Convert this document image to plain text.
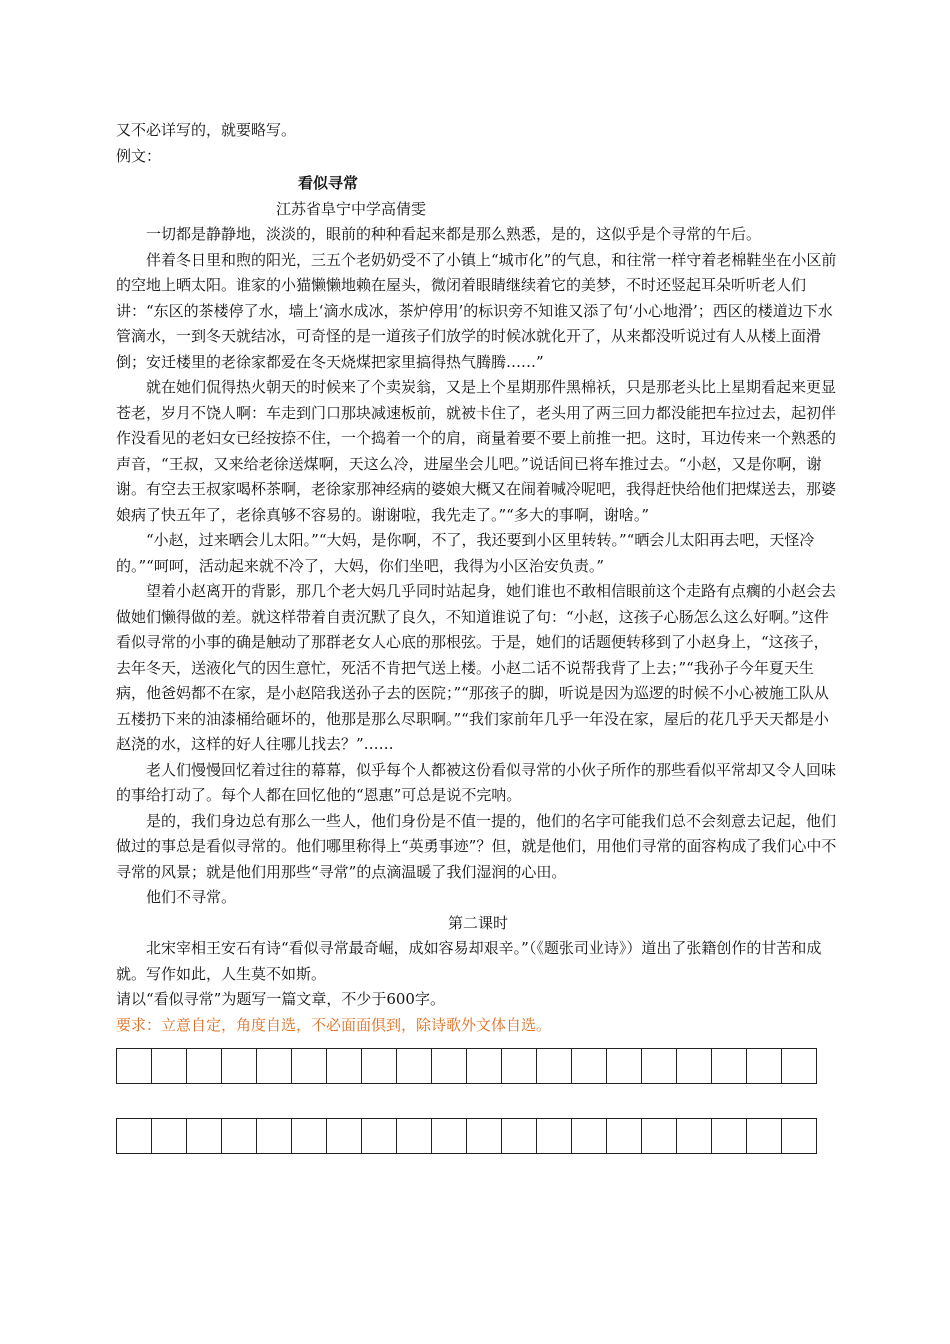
又不必详写的，就要略写。

例文：

看似寻常

江苏省阜宁中学高倩雯

一切都是静静地，淡淡的，眼前的种种看起来都是那么熟悉，是的，这似乎是个寻常的午后。

伴着冬日里和煦的阳光，三五个老奶奶受不了小镇上“城市化”的气息，和往常一样守着老棉鞋坐在小区前的空地上晒太阳。谁家的小猫懒懒地赖在屋头，微闭着眼睛继续着它的美梦，不时还竖起耳朵听听老人们讲：“东区的茶楼停了水，墙上‘滴水成冰，茶炉停用’的标识旁不知谁又添了句‘小心地滑’；西区的楼道边下水管滴水，一到冬天就结冰，可奇怪的是一道孩子们放学的时候冰就化开了，从来都没听说过有人从楼上面滑倒；安迁楼里的老徐家都爱在冬天烧煤把家里搞得热气腾腾……”

就在她们侃得热火朝天的时候来了个卖炭翁，又是上个星期那件黑棉袄，只是那老头比上星期看起来更显苍老，岁月不饶人啊：车走到门口那块减速板前，就被卡住了，老头用了两三回力都没能把车拉过去，起初伴作没看见的老妇女已经按捺不住，一个捣着一个的肩，商量着要不要上前推一把。这时，耳边传来一个熟悉的声音，“王叔，又来给老徐送煤啊，天这么冷，进屋坐会儿吧。”说话间已将车推过去。“小赵，又是你啊，谢谢。有空去王叔家喝杯茶啊，老徐家那神经病的婆娘大概又在闹着喊冷呢吧，我得赶快给他们把煤送去，那婆娘病了快五年了，老徐真够不容易的。谢谢啦，我先走了。”“多大的事啊，谢啥。”

“小赵，过来晒会儿太阳。”“大妈，是你啊，不了，我还要到小区里转转。”“晒会儿太阳再去吧，天怪冷的。”“呵呵，活动起来就不冷了，大妈，你们坐吧，我得为小区治安负责。”

望着小赵离开的背影，那几个老大妈几乎同时站起身，她们谁也不敢相信眼前这个走路有点瘸的小赵会去做她们懒得做的差。就这样带着自责沉默了良久，不知道谁说了句：“小赵，这孩子心肠怎么这么好啊。”这件看似寻常的小事的确是触动了那群老女人心底的那根弦。于是，她们的话题便转移到了小赵身上，“这孩子，去年冬天，送液化气的因生意忙，死活不肯把气送上楼。小赵二话不说帮我背了上去；”“我孙子今年夏天生病，他爸妈都不在家，是小赵陪我送孙子去的医院；”“那孩子的脚，听说是因为巡逻的时候不小心被施工队从五楼扔下来的油漆桶给砸坏的，他那是那么尽职啊。”“我们家前年几乎一年没在家，屋后的花几乎天天都是小赵浇的水，这样的好人往哪儿找去？”……

老人们慢慢回忆着过往的幕幕，似乎每个人都被这份看似寻常的小伙子所作的那些看似平常却又令人回味的事给打动了。每个人都在回忆他的“恩惠”可总是说不完呐。

是的，我们身边总有那么一些人，他们身份是不值一提的，他们的名字可能我们总不会刻意去记起，他们做过的事总是看似寻常的。他们哪里称得上“英勇事迹”？但，就是他们，用他们寻常的面容构成了我们心中不寻常的风景；就是他们用那些“寻常”的点滴温暖了我们湿润的心田。

他们不寻常。

第二课时

北宋宰相王安石有诗“看似寻常最奇崛，成如容易却艰辛。”（《题张司业诗》）道出了张籍创作的甘苦和成就。写作如此，人生莫不如斯。

请以“看似寻常”为题写一篇文章，不少于600字。

要求：立意自定，角度自选，不必面面俱到，除诗歌外文体自选。
